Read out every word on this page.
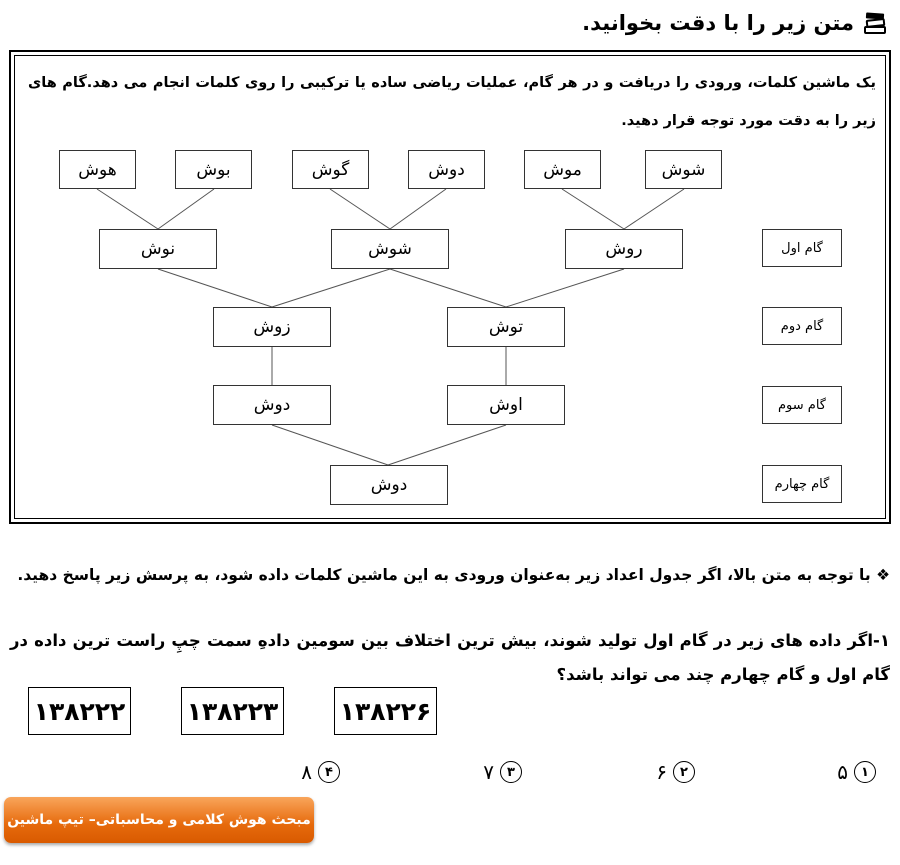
متن زیر را با دقت بخوانید.
یک ماشین کلمات، ورودی را دریافت و در هر گام، عملیات ریاضی ساده یا ترکیبی را روی کلمات انجام می دهد.گام های زیر را به دقت مورد توجه قرار دهید.
هوش	بوش	گوش	دوش	موش	شوش
نوش	شوش	روش
زوش	توش
دوش	اوش
دوش
گام اول
گام دوم
گام سوم
گام چهارم
❖ با توجه به متن بالا، اگر جدول اعداد زیر به‌عنوان ورودی به این ماشین کلمات داده شود، به پرسش زیر پاسخ دهید.
۱-اگر داده های زیر در گام اول تولید شوند، بیش ترین اختلاف بین سومین دادهِ سمت چپِ راست ترین داده در گام اول و گام چهارم چند می تواند باشد؟
۱۳۸۲۲۲ ۱۳۸۲۲۳ ۱۳۸۲۲۶
۱
۵
۲
۶
۳
۷
۴
۸
مبحث هوش کلامی و محاسباتی– تیپ ماشین
